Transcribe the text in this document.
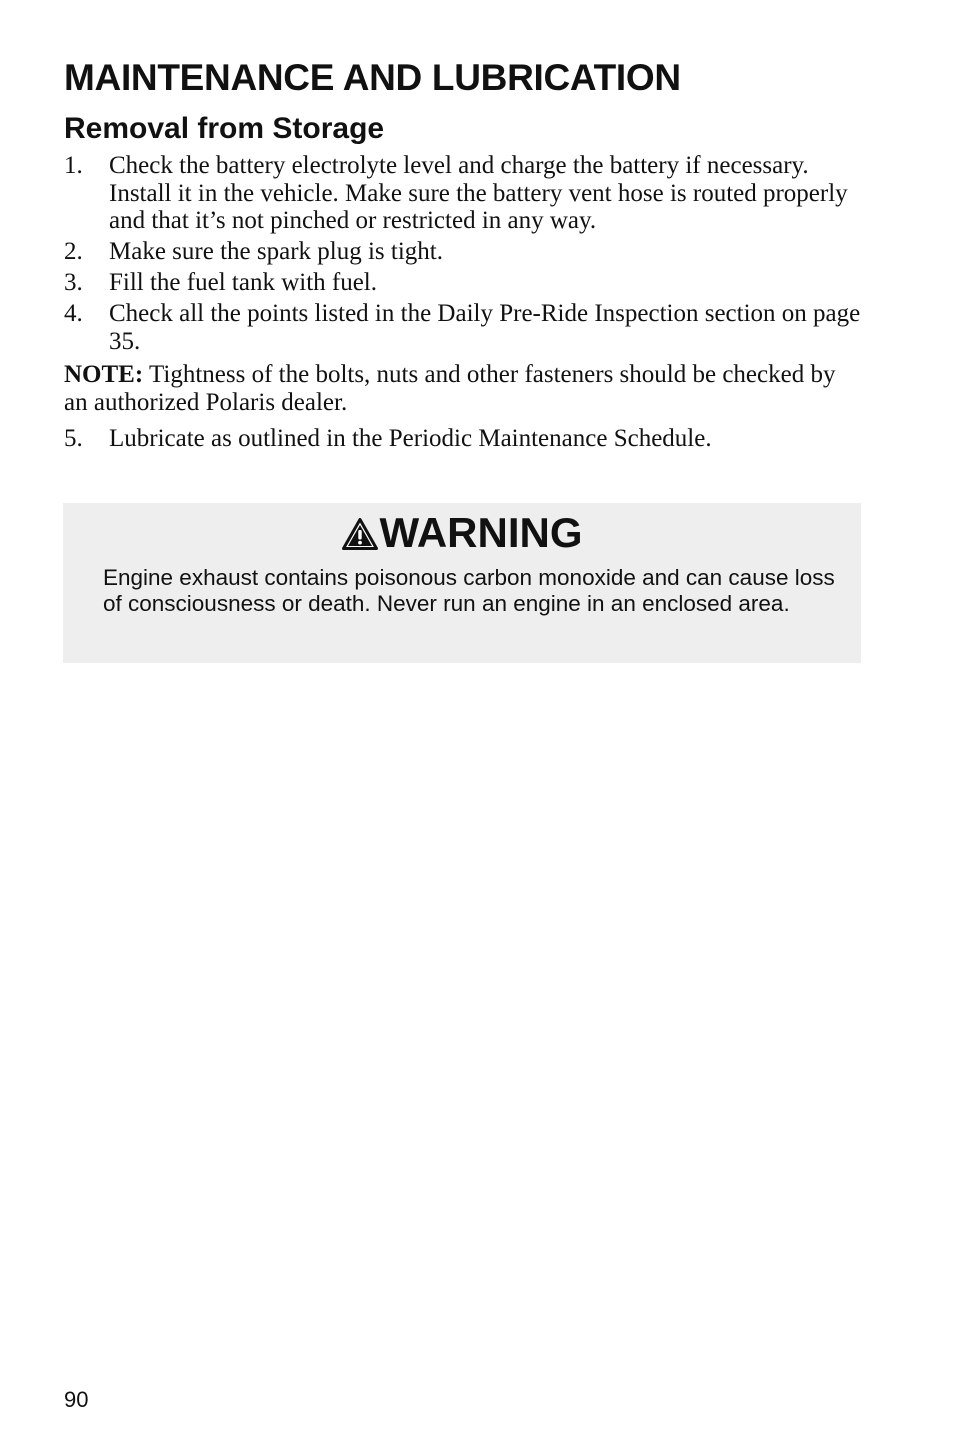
MAINTENANCE AND LUBRICATION
Removal from Storage
1. Check the battery electrolyte level and charge the battery if necessary. Install it in the vehicle. Make sure the battery vent hose is routed properly and that it’s not pinched or restricted in any way.
2. Make sure the spark plug is tight.
3. Fill the fuel tank with fuel.
4. Check all the points listed in the Daily Pre-Ride Inspection section on page 35.

NOTE: Tightness of the bolts, nuts and other fasteners should be checked by an authorized Polaris dealer.

5. Lubricate as outlined in the Periodic Maintenance Schedule.
WARNING

Engine exhaust contains poisonous carbon monoxide and can cause loss of consciousness or death. Never run an engine in an enclosed area.

90
